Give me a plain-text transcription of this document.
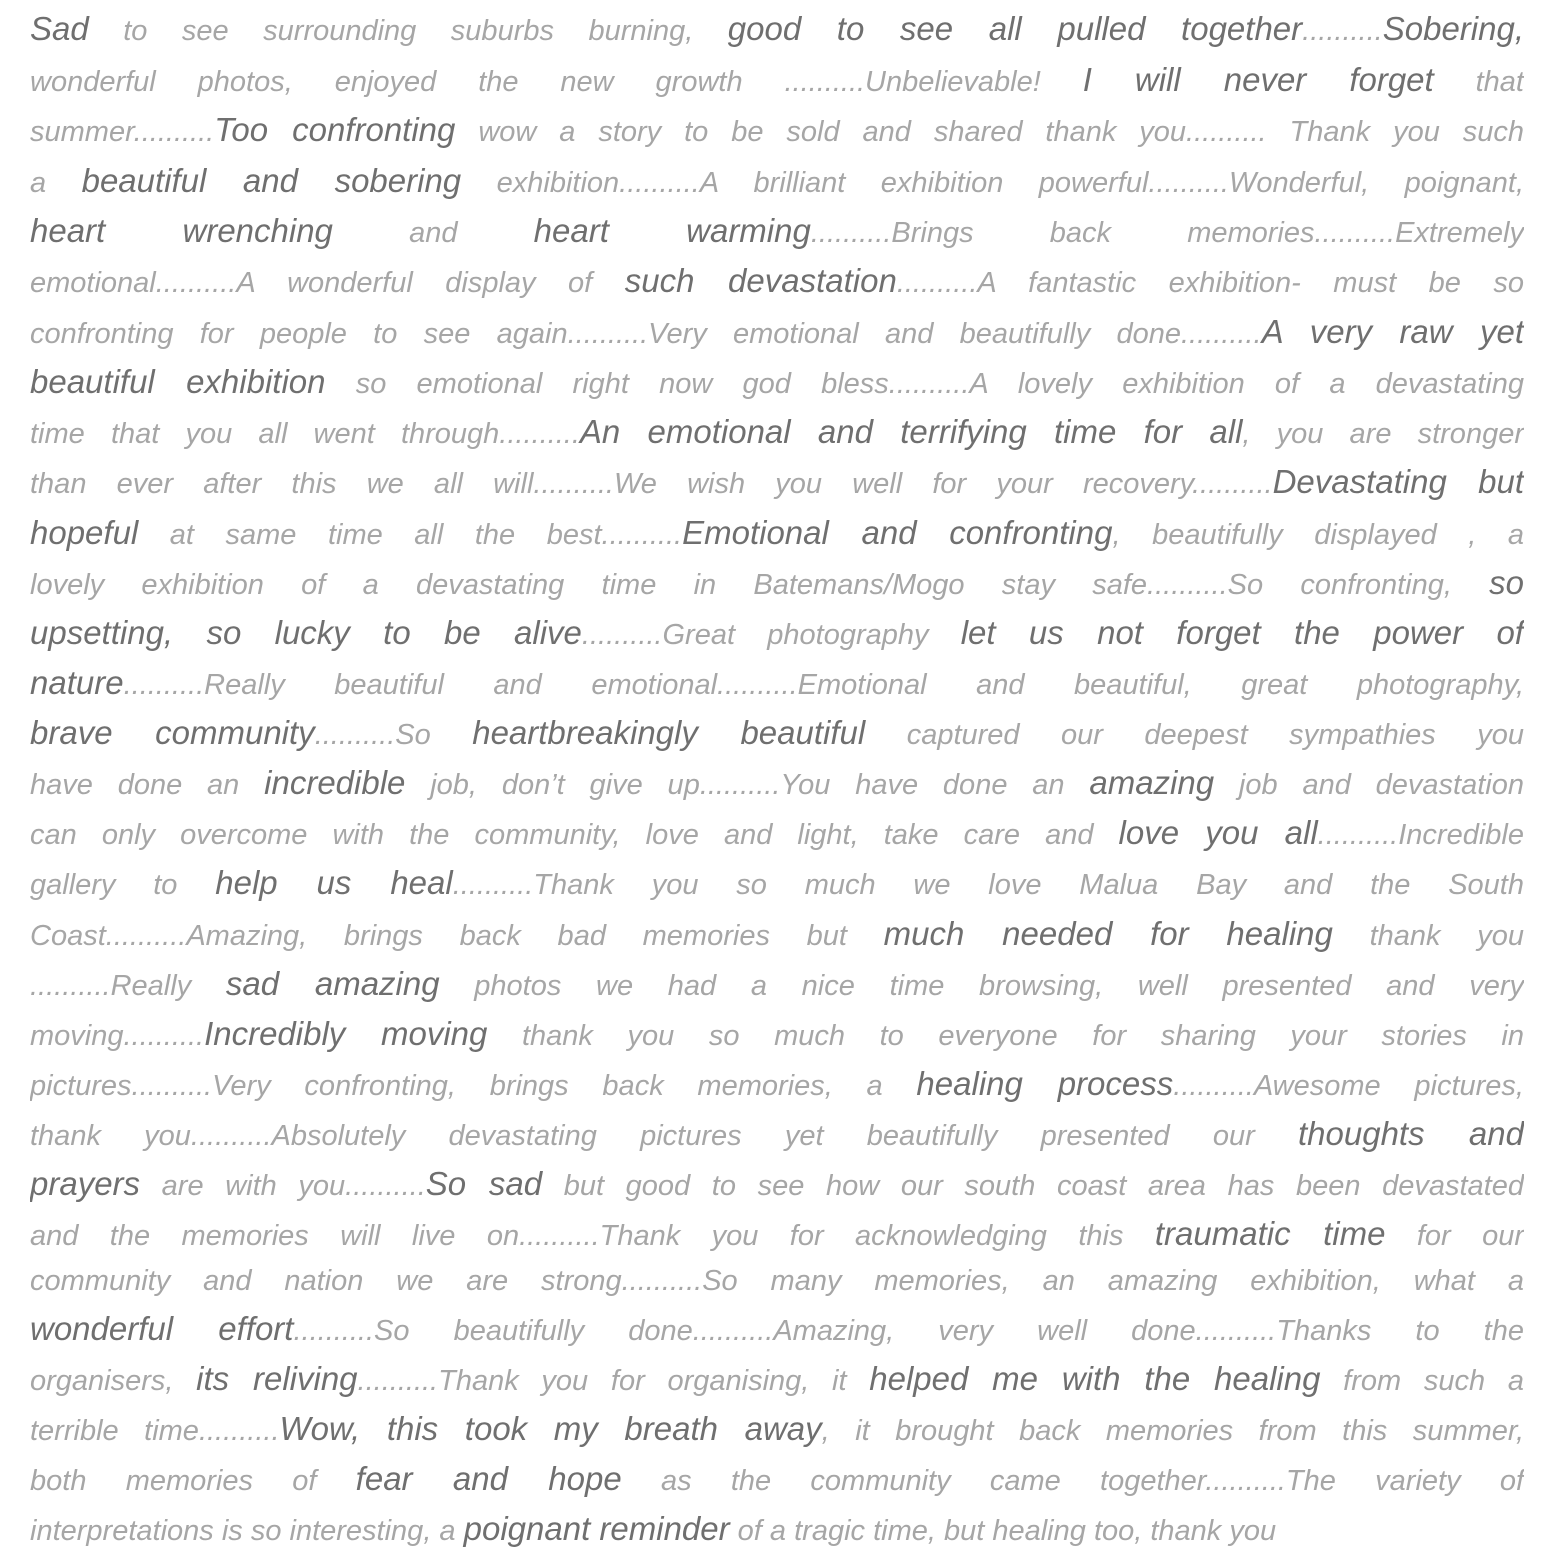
Sad to see surrounding suburbs burning, good to see all pulled together..........Sobering,
wonderful photos, enjoyed the new growth ..........Unbelievable! I will never forget that
summer..........Too confronting wow a story to be sold and shared thank you.......... Thank you such
a beautiful and sobering exhibition..........A brilliant exhibition powerful..........Wonderful, poignant,
heart wrenching and heart warming..........Brings back memories..........Extremely
emotional..........A wonderful display of such devastation..........A fantastic exhibition- must be so
confronting for people to see again..........Very emotional and beautifully done..........A very raw yet
beautiful exhibition so emotional right now god bless..........A lovely exhibition of a devastating
time that you all went through..........An emotional and terrifying time for all, you are stronger
than ever after this we all will..........We wish you well for your recovery..........Devastating but
hopeful at same time all the best..........Emotional and confronting, beautifully displayed , a
lovely exhibition of a devastating time in Batemans/Mogo stay safe..........So confronting, so
upsetting, so lucky to be alive..........Great photography let us not forget the power of
nature..........Really beautiful and emotional..........Emotional and beautiful, great photography,
brave community..........So heartbreakingly beautiful captured our deepest sympathies you
have done an incredible job, don’t give up..........You have done an amazing job and devastation
can only overcome with the community, love and light, take care and love you all..........Incredible
gallery to help us heal..........Thank you so much we love Malua Bay and the South
Coast..........Amazing, brings back bad memories but much needed for healing thank you
..........Really sad amazing photos we had a nice time browsing, well presented and very
moving..........Incredibly moving thank you so much to everyone for sharing your stories in
pictures..........Very confronting, brings back memories, a healing process..........Awesome pictures,
thank you..........Absolutely devastating pictures yet beautifully presented our thoughts and
prayers are with you..........So sad but good to see how our south coast area has been devastated
and the memories will live on..........Thank you for acknowledging this traumatic time for our
community and nation we are strong..........So many memories, an amazing exhibition, what a
wonderful effort..........So beautifully done..........Amazing, very well done..........Thanks to the
organisers, its reliving..........Thank you for organising, it helped me with the healing from such a
terrible time..........Wow, this took my breath away, it brought back memories from this summer,
both memories of fear and hope as the community came together..........The variety of
interpretations is so interesting, a poignant reminder of a tragic time, but healing too, thank you
